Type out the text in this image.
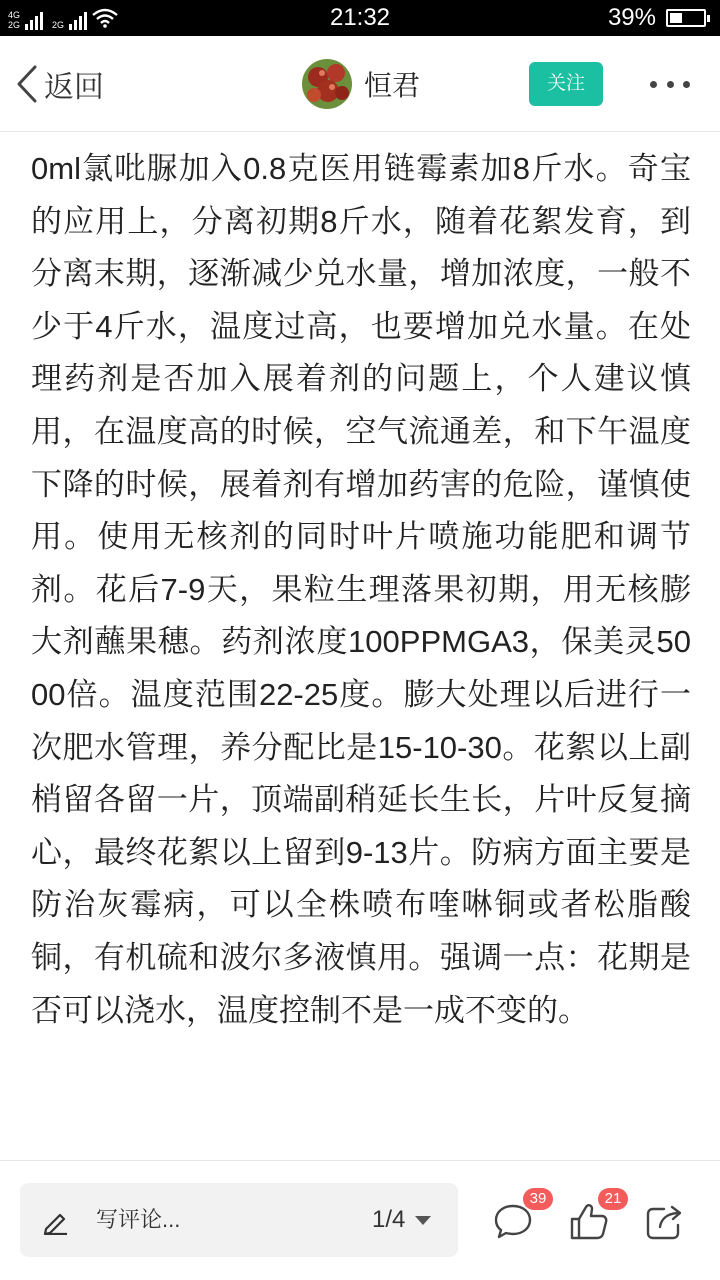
4G
2G	2G	21:32	39%
返回	恒君	关注
0ml氯吡脲加入0.8克医用链霉素加8斤水。奇宝的应用上，分离初期8斤水，随着花絮发育，到分离末期，逐渐减少兑水量，增加浓度，一般不少于4斤水，温度过高，也要增加兑水量。在处理药剂是否加入展着剂的问题上，个人建议慎用，在温度高的时候，空气流通差，和下午温度下降的时候，展着剂有增加药害的危险，谨慎使用。使用无核剂的同时叶片喷施功能肥和调节剂。花后7-9天，果粒生理落果初期，用无核膨大剂蘸果穗。药剂浓度100PPMGA3，保美灵5000倍。温度范围22-25度。膨大处理以后进行一次肥水管理，养分配比是15-10-30。花絮以上副梢留各留一片，顶端副稍延长生长，片叶反复摘心，最终花絮以上留到9-13片。防病方面主要是防治灰霉病，可以全株喷布喹啉铜或者松脂酸铜，有机硫和波尔多液慎用。强调一点：花期是否可以浇水，温度控制不是一成不变的。
写评论...	1/4
39	21
